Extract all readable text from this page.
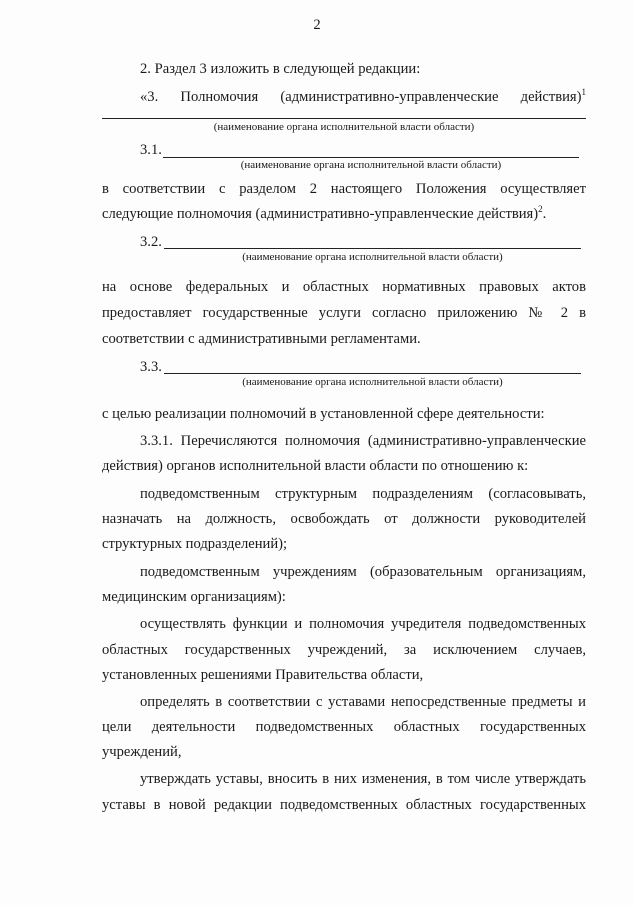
2
2. Раздел 3 изложить в следующей редакции:
«3. Полномочия (административно-управленческие действия)$^1$
(наименование органа исполнительной власти области)
3.1.
(наименование органа исполнительной власти области)
в соответствии с разделом 2 настоящего Положения осуществляет
следующие полномочия (административно-управленческие действия)$^2$.
3.2.
(наименование органа исполнительной власти области)
на основе федеральных и областных нормативных правовых актов
предоставляет государственные услуги согласно приложению № 2 в
соответствии с административными регламентами.
3.3.
(наименование органа исполнительной власти области)
с целью реализации полномочий в установленной сфере деятельности:
3.3.1. Перечисляются полномочия (административно-управленческие
действия) органов исполнительной власти области по отношению к:
подведомственным структурным подразделениям (согласовывать,
назначать на должность, освобождать от должности руководителей
структурных подразделений);
подведомственным учреждениям (образовательным организациям,
медицинским организациям):
осуществлять функции и полномочия учредителя подведомственных
областных государственных учреждений, за исключением случаев,
установленных решениями Правительства области,
определять в соответствии с уставами непосредственные предметы и
цели деятельности подведомственных областных государственных
учреждений,
утверждать уставы, вносить в них изменения, в том числе утверждать
уставы в новой редакции подведомственных областных государственных
